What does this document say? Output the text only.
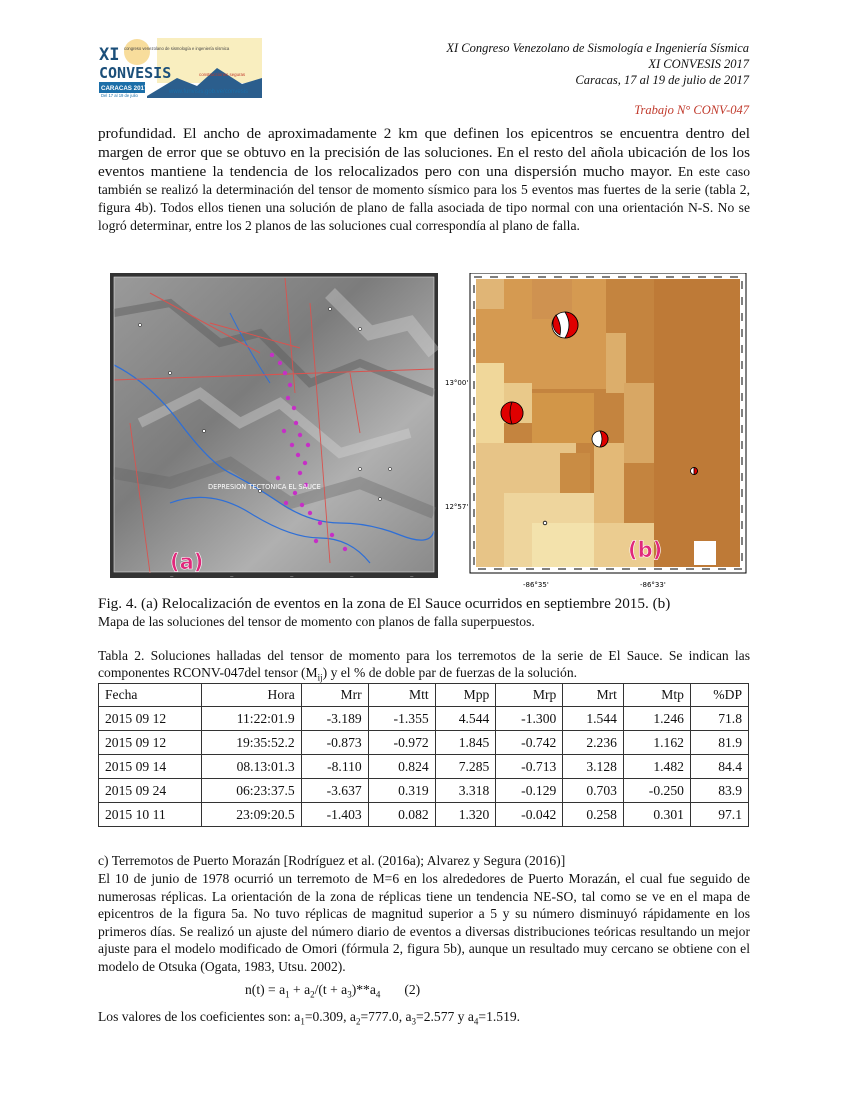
XI
CONVESIS
congreso venezolano de sismología e ingeniería sísmica
CARACAS 2017
Del 17 al 19 de julio
construcciones seguras
www.funvisis.gob.ve/convesis
XI Congreso Venezolano de Sismología e Ingeniería Sísmica
XI CONVESIS 2017
Caracas, 17 al 19 de julio de 2017
Trabajo N° CONV-047
profundidad. El ancho de aproximadamente 2 km que definen los epicentros se encuentra dentro del margen de error que se obtuvo en la precisión de las soluciones. En el resto del añola ubicación de los los eventos mantiene la tendencia de los relocalizados pero con una dispersión mucho mayor. En este caso también se realizó la determinación del tensor de momento sísmico para los 5 eventos mas fuertes de la serie (tabla 2, figura 4b). Todos ellos tienen una solución de plano de falla asociada de tipo normal con una orientación N-S. No se logró determinar, entre los 2 planos de las soluciones cual correspondía al plano de falla.
DEPRESION TECTONICA EL SAUCE
—	—	—	—	—
(a)	(b)
13°00'
12°57'
-86°35'	-86°33'
Fig. 4. (a) Relocalización de eventos en la zona de El Sauce ocurridos en septiembre 2015. (b)
Mapa de las soluciones del tensor de momento con planos de falla superpuestos.
Tabla 2. Soluciones halladas del tensor de momento para los terremotos de la serie de El Sauce. Se indican las componentes RCONV-047del tensor $(M_{ij})$ y el % de doble par de fuerzas de la solución.
Fecha	Hora	Mrr	Mtt	Mpp	Mrp	Mrt	Mtp	%DP
2015 09 12	11:22:01.9	-3.189	-1.355	4.544	-1.300	1.544	1.246	71.8
2015 09 12	19:35:52.2	-0.873	-0.972	1.845	-0.742	2.236	1.162	81.9
2015 09 14	08.13:01.3	-8.110	0.824	7.285	-0.713	3.128	1.482	84.4
2015 09 24	06:23:37.5	-3.637	0.319	3.318	-0.129	0.703	-0.250	83.9
2015 10 11	23:09:20.5	-1.403	0.082	1.320	-0.042	0.258	0.301	97.1
c) Terremotos de Puerto Morazán [Rodríguez et al. (2016a); Alvarez y Segura (2016)]
El 10 de junio de 1978 ocurrió un terremoto de M=6 en los alrededores de Puerto Morazán, el cual fue seguido de numerosas réplicas. La orientación de la zona de réplicas tiene un tendencia NE-SO, tal como se ve en el mapa de epicentros de la figura 5a. No tuvo réplicas de magnitud superior a 5 y su número disminuyó rápidamente en los primeros días. Se realizó un ajuste del número diario de eventos a diversas distribuciones teóricas resultando un mejor ajuste para el modelo modificado de Omori (fórmula 2, figura 5b), aunque un resultado muy cercano se obtiene con el modelo de Otsuka (Ogata, 1983, Utsu. 2002).
$n(t) = a_1 + a_2/(t + a_3)**a_4$ (2)
Los valores de los coeficientes son: $a_1=0.309$, $a_2=777.0$, $a_3=2.577$ y $a_4=1.519$.
